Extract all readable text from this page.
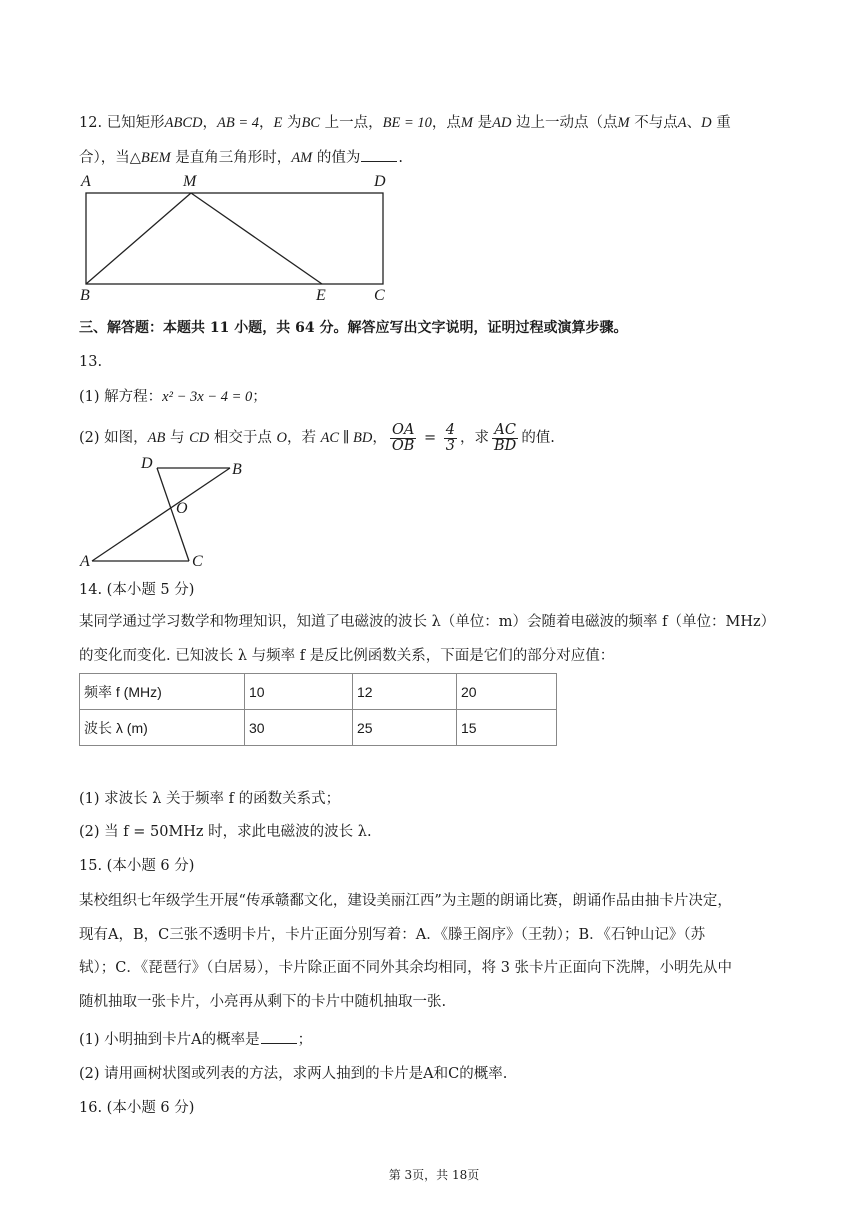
12. 已知矩形ABCD，AB = 4，E 为BC 上一点，BE = 10，点M 是AD 边上一动点（点M 不与点A、D 重
合），当△BEM 是直角三角形时，AM 的值为	.
A	M	D
B	E	C
三、解答题：本题共 11 小题，共 64 分。解答应写出文字说明，证明过程或演算步骤。
13.
(1) 解方程：x² − 3x − 4 = 0；
(2) 如图，AB 与 CD 相交于点 O，若 AC ∥ BD， $\frac{OA}{OB} = \frac{4}{3}$ ，求 $\frac{AC}{BD}$ 的值.
D	B
O
A	C
14. (本小题 5 分)
某同学通过学习数学和物理知识，知道了电磁波的波长 λ（单位：m）会随着电磁波的频率 f（单位：MHz）
的变化而变化. 已知波长 λ 与频率 f 是反比例函数关系，下面是它们的部分对应值：
频率 f (MHz)	10	12	20
波长 λ (m)	30	25	15
(1) 求波长 λ 关于频率 f 的函数关系式；
(2) 当 f = 50MHz 时，求此电磁波的波长 λ.
15. (本小题 6 分)
某校组织七年级学生开展“传承赣鄱文化，建设美丽江西”为主题的朗诵比赛，朗诵作品由抽卡片决定，
现有A，B，C三张不透明卡片，卡片正面分别写着：A．《滕王阁序》（王勃）；B．《石钟山记》（苏
轼）；C．《琵琶行》（白居易），卡片除正面不同外其余均相同，将 3 张卡片正面向下洗牌，小明先从中
随机抽取一张卡片，小亮再从剩下的卡片中随机抽取一张.
(1) 小明抽到卡片A的概率是	；
(2) 请用画树状图或列表的方法，求两人抽到的卡片是A和C的概率.
16. (本小题 6 分)
第 3页，共 18页
